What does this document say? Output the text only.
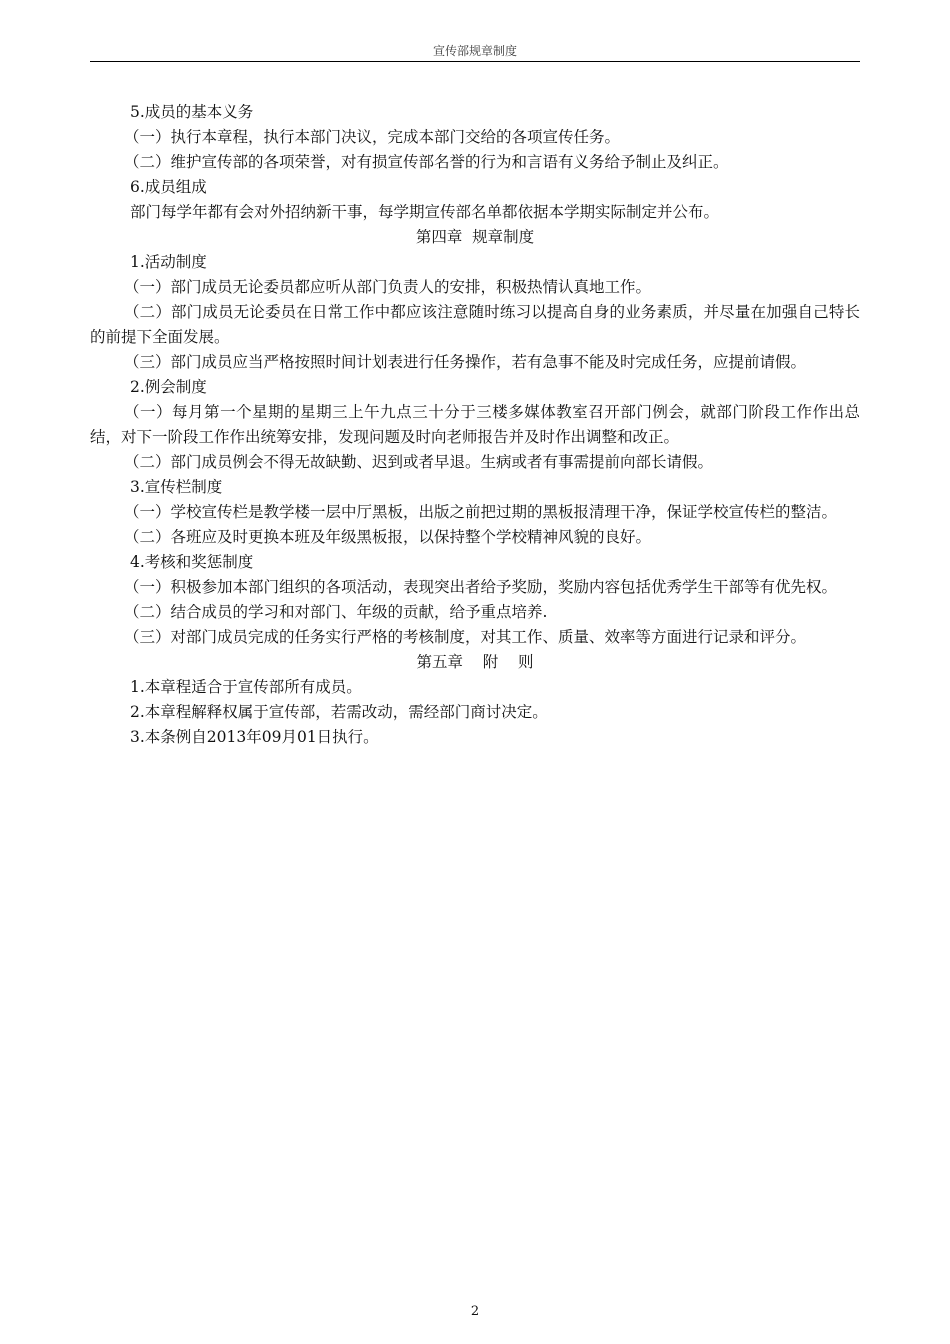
宣传部规章制度

5.成员的基本义务

（一）执行本章程，执行本部门决议，完成本部门交给的各项宣传任务。

（二）维护宣传部的各项荣誉，对有损宣传部名誉的行为和言语有义务给予制止及纠正。

6.成员组成

部门每学年都有会对外招纳新干事，每学期宣传部名单都依据本学期实际制定并公布。

第四章  规章制度

1.活动制度

（一）部门成员无论委员都应听从部门负责人的安排，积极热情认真地工作。

（二）部门成员无论委员在日常工作中都应该注意随时练习以提高自身的业务素质，并尽量在加强自己特长的前提下全面发展。

（三）部门成员应当严格按照时间计划表进行任务操作，若有急事不能及时完成任务，应提前请假。

2.例会制度

（一）每月第一个星期的星期三上午九点三十分于三楼多媒体教室召开部门例会，就部门阶段工作作出总结，对下一阶段工作作出统筹安排，发现问题及时向老师报告并及时作出调整和改正。

（二）部门成员例会不得无故缺勤、迟到或者早退。生病或者有事需提前向部长请假。

3.宣传栏制度

（一）学校宣传栏是教学楼一层中厅黑板，出版之前把过期的黑板报清理干净，保证学校宣传栏的整洁。

（二）各班应及时更换本班及年级黑板报，以保持整个学校精神风貌的良好。

4.考核和奖惩制度

（一）积极参加本部门组织的各项活动，表现突出者给予奖励，奖励内容包括优秀学生干部等有优先权。

（二）结合成员的学习和对部门、年级的贡献，给予重点培养.

（三）对部门成员完成的任务实行严格的考核制度，对其工作、质量、效率等方面进行记录和评分。

第五章    附    则

1.本章程适合于宣传部所有成员。

2.本章程解释权属于宣传部，若需改动，需经部门商讨决定。

3.本条例自2013年09月01日执行。

2
